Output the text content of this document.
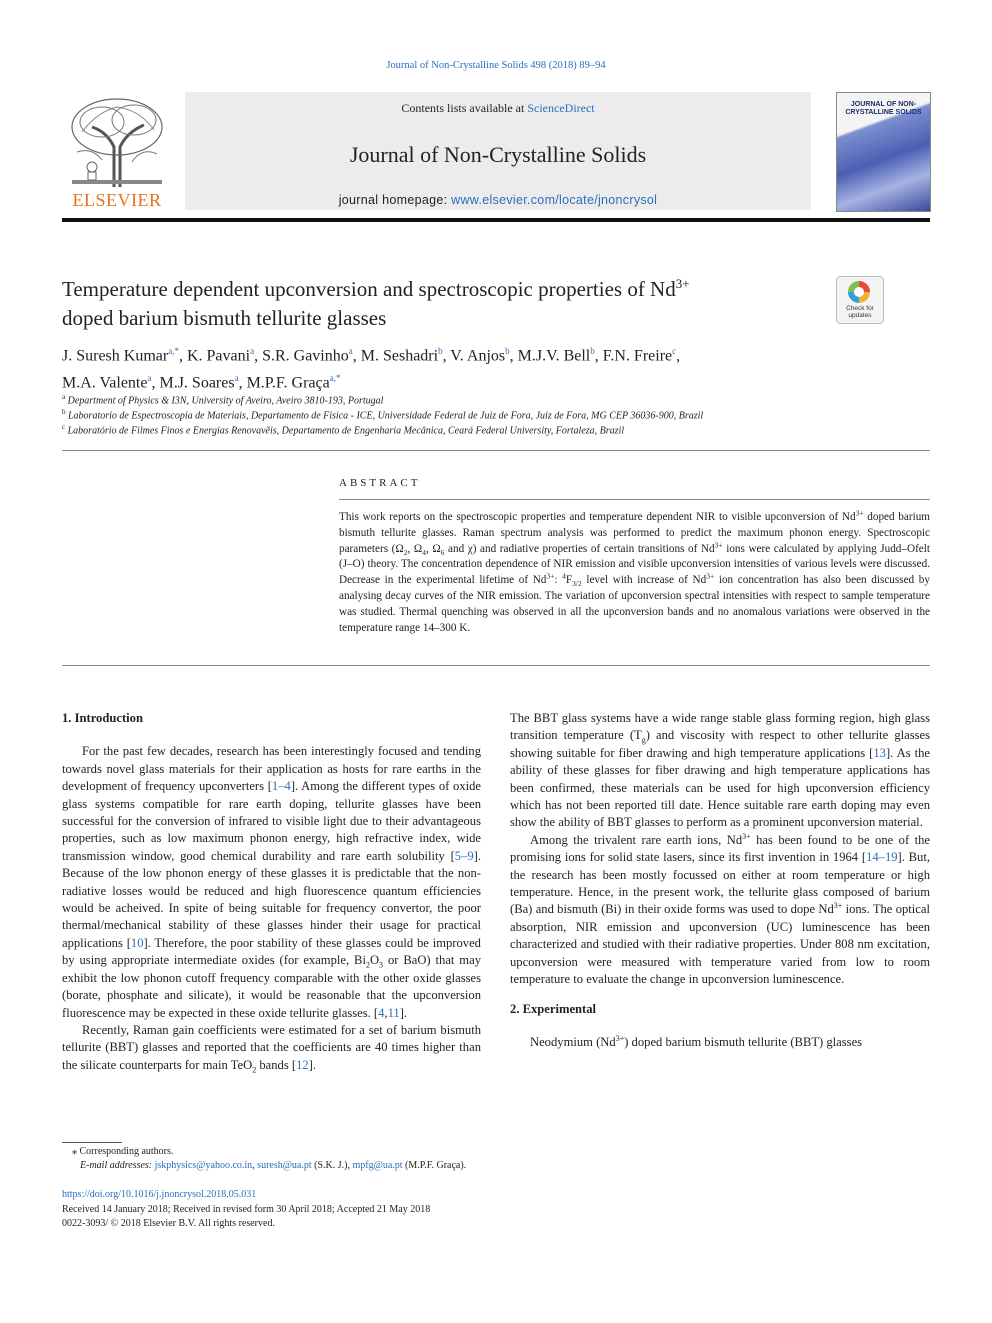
Journal of Non-Crystalline Solids 498 (2018) 89–94
ELSEVIER
Contents lists available at ScienceDirect
Journal of Non-Crystalline Solids
journal homepage: www.elsevier.com/locate/jnoncrysol
JOURNAL OF NON-CRYSTALLINE SOLIDS
Temperature dependent upconversion and spectroscopic properties of $Nd^{3+}$
doped barium bismuth tellurite glasses	Check for updates
J. Suresh Kumar$^{a,*}$, K. Pavani$^a$, S.R. Gavinho$^a$, M. Seshadri$^b$, V. Anjos$^b$, M.J.V. Bell$^b$, F.N. Freire$^c$,
M.A. Valente$^a$, M.J. Soares$^a$, M.P.F. Graça$^{a,*}$
$^a$ Department of Physics & I3N, University of Aveiro, Aveiro 3810-193, Portugal
$^b$ Laboratorio de Espectroscopia de Materiais, Departamento de Fisica - ICE, Universidade Federal de Juiz de Fora, Juiz de Fora, MG CEP 36036-900, Brazil
$^c$ Laboratório de Filmes Finos e Energias Renovavẽis, Departamento de Engenharia Mecânica, Ceará Federal University, Fortaleza, Brazil
ABSTRACT
This work reports on the spectroscopic properties and temperature dependent NIR to visible upconversion of $Nd^{3+}$ doped barium bismuth tellurite glasses. Raman spectrum analysis was performed to predict the maximum phonon energy. Spectroscopic parameters ($\Omega_2$, $\Omega_4$, $\Omega_6$ and χ) and radiative properties of certain transitions of $Nd^{3+}$ ions were calculated by applying Judd–Ofelt (J–O) theory. The concentration dependence of NIR emission and visible upconversion intensities of various levels were discussed. Decrease in the experimental lifetime of $Nd^{3+}$: $^4F_{3/2}$ level with increase of $Nd^{3+}$ ion concentration has also been discussed by analysing decay curves of the NIR emission. The variation of upconversion spectral intensities with respect to sample temperature was studied. Thermal quenching was observed in all the upconversion bands and no anomalous variations were observed in the temperature range 14–300 K.

1. Introduction

For the past few decades, research has been interestingly focused and tending towards novel glass materials for their application as hosts for rare earths in the development of frequency upconverters [1–4]. Among the different types of oxide glass systems compatible for rare earth doping, tellurite glasses have been successful for the conversion of infrared to visible light due to their advantageous properties, such as low maximum phonon energy, high refractive index, wide transmission window, good chemical durability and rare earth solubility [5–9]. Because of the low phonon energy of these glasses it is predictable that the non-radiative losses would be reduced and high fluorescence quantum efficiencies would be acheived. In spite of being suitable for frequency convertor, the poor thermal/mechanical stability of these glasses hinder their usage for practical applications [10]. Therefore, the poor stability of these glasses could be improved by using appropriate intermediate oxides (for example, $Bi_2O_3$ or BaO) that may exhibit the low phonon cutoff frequency comparable with the other oxide glasses (borate, phosphate and silicate), it would be reasonable that the upconversion fluorescence may be expected in these oxide tellurite glasses. [4,11].

Recently, Raman gain coefficients were estimated for a set of barium bismuth tellurite (BBT) glasses and reported that the coefficients are 40 times higher than the silicate counterparts for main TeO$_2$ bands [12].

The BBT glass systems have a wide range stable glass forming region, high glass transition temperature $(T_g)$ and viscosity with respect to other tellurite glasses showing suitable for fiber drawing and high temperature applications [13]. As the ability of these glasses for fiber drawing and high temperature applications has been confirmed, these materials can be used for high upconversion efficiency which has not been reported till date. Hence suitable rare earth doping may even show the ability of BBT glasses to perform as a prominent upconversion material.

Among the trivalent rare earth ions, $Nd^{3+}$ has been found to be one of the promising ions for solid state lasers, since its first invention in 1964 [14–19]. But, the research has been mostly focussed on either at room temperature or high temperature. Hence, in the present work, the tellurite glass composed of barium (Ba) and bismuth (Bi) in their oxide forms was used to dope $Nd^{3+}$ ions. The optical absorption, NIR emission and upconversion (UC) luminescence has been characterized and studied with their radiative properties. Under 808 nm excitation, upconversion were measured with temperature varied from low to room temperature to evaluate the change in upconversion luminescence.

2. Experimental

Neodymium $(Nd^{3+})$ doped barium bismuth tellurite (BBT) glasses

⁎ Corresponding authors.
E-mail addresses: jskphysics@yahoo.co.in, suresh@ua.pt (S.K. J.), mpfg@ua.pt (M.P.F. Graça).
https://doi.org/10.1016/j.jnoncrysol.2018.05.031
Received 14 January 2018; Received in revised form 30 April 2018; Accepted 21 May 2018
0022-3093/ © 2018 Elsevier B.V. All rights reserved.
